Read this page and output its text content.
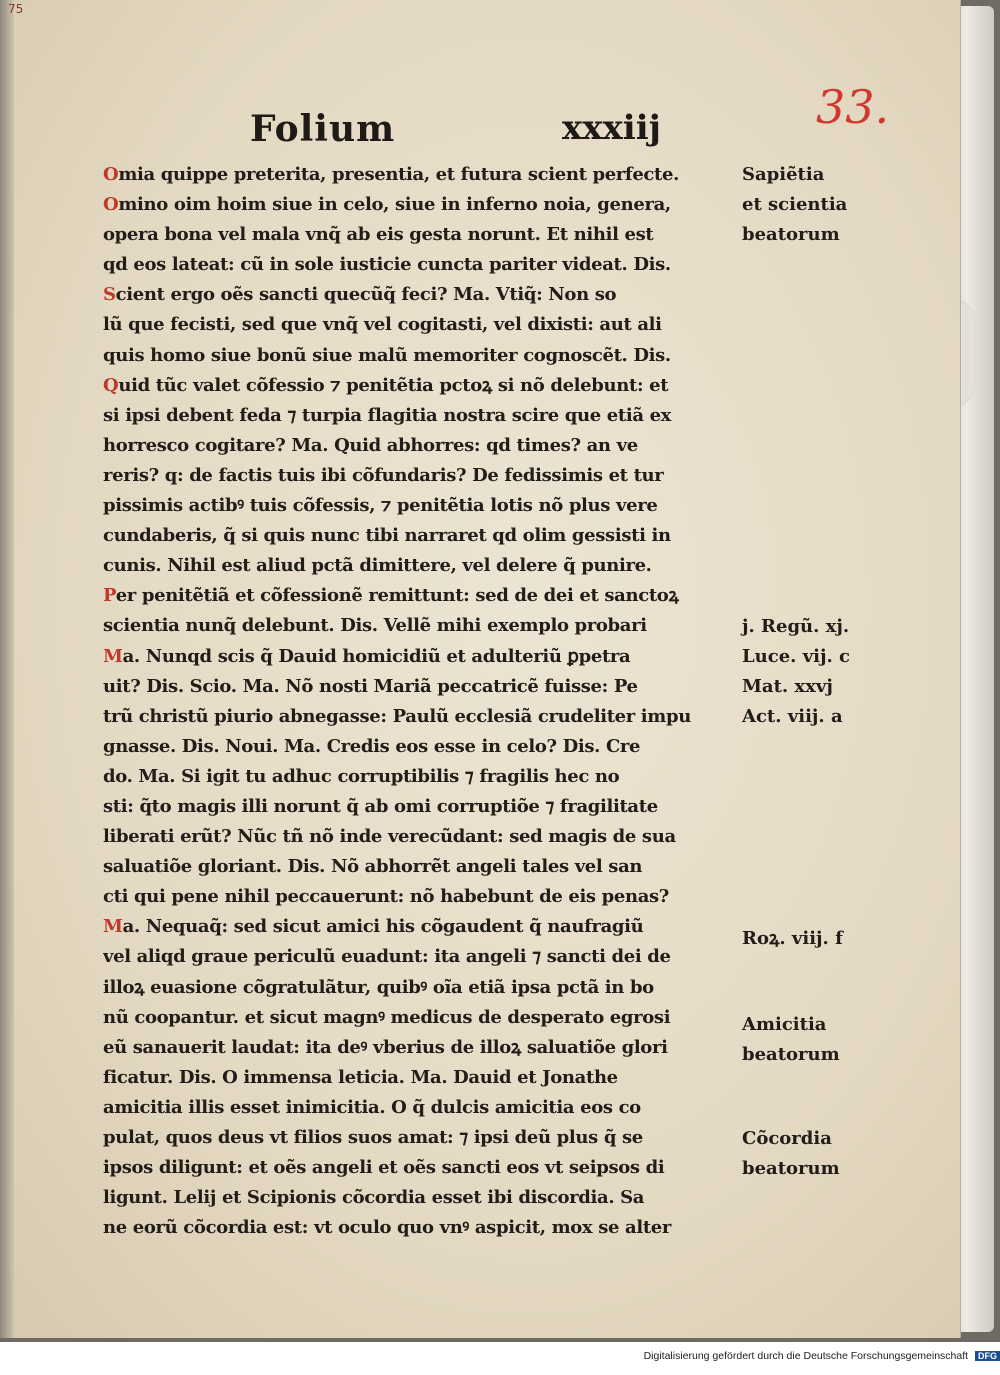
75
Folium	xxxiij	33.
Omia quippe preterita, presentia, et futura scient perfecte.
Omino oim hoim siue in celo, siue in inferno noia, genera,
opera bona vel mala vnq̃ ab eis gesta norunt. Et nihil est
qd eos lateat: cũ in sole iusticie cuncta pariter videat. Dis.
Scient ergo oẽs sancti quecũq̃ feci? Ma. Vtiq̃: Non so
lũ que fecisti, sed que vnq̃ vel cogitasti, vel dixisti: aut ali
quis homo siue bonũ siue malũ memoriter cognoscẽt. Dis.
Quid tũc valet cõfessio ⁊ penitẽtia pctoꝝ si nõ delebunt: et
si ipsi debent feda ⁊ turpia flagitia nostra scire que etiã ex
horresco cogitare? Ma. Quid abhorres: qd times? an ve
reris? q: de factis tuis ibi cõfundaris? De fedissimis et tur
pissimis actibꝰ tuis cõfessis, ⁊ penitẽtia lotis nõ plus vere
cundaberis, q̃ si quis nunc tibi narraret qd olim gessisti in
cunis. Nihil est aliud pctã dimittere, vel delere q̃ punire.
Per penitẽtiã et cõfessionẽ remittunt: sed de dei et sanctoꝝ
scientia nunq̃ delebunt. Dis. Vellẽ mihi exemplo probari
Ma. Nunqd scis q̃ Dauid homicidiũ et adulteriũ ꝑpetra
uit? Dis. Scio. Ma. Nõ nosti Mariã peccatricẽ fuisse: Pe
trũ christũ piurio abnegasse: Paulũ ecclesiã crudeliter impu
gnasse. Dis. Noui. Ma. Credis eos esse in celo? Dis. Cre
do. Ma. Si igit tu adhuc corruptibilis ⁊ fragilis hec no
sti: q̃to magis illi norunt q̃ ab omi corruptiõe ⁊ fragilitate
liberati erũt? Nũc tñ nõ inde verecũdant: sed magis de sua
saluatiõe gloriant. Dis. Nõ abhorrẽt angeli tales vel san
cti qui pene nihil peccauerunt: nõ habebunt de eis penas?
Ma. Nequaq̃: sed sicut amici his cõgaudent q̃ naufragiũ
vel aliqd graue periculũ euadunt: ita angeli ⁊ sancti dei de
illoꝝ euasione cõgratulãtur, quibꝰ oĩa etiã ipsa pctã in bo
nũ coopantur. et sicut magnꝰ medicus de desperato egrosi
eũ sanauerit laudat: ita deꝰ vberius de illoꝝ saluatiõe glori
ficatur. Dis. O immensa leticia. Ma. Dauid et Jonathe
amicitia illis esset inimicitia. O q̃ dulcis amicitia eos co
pulat, quos deus vt filios suos amat: ⁊ ipsi deũ plus q̃ se
ipsos diligunt: et oẽs angeli et oẽs sancti eos vt seipsos di
ligunt. Lelij et Scipionis cõcordia esset ibi discordia. Sa
ne eorũ cõcordia est: vt oculo quo vnꝰ aspicit, mox se alter
Sapiẽtia
et scientia
beatorum
j. Regũ. xj.
Luce. vij. c
Mat. xxvj
Act. viij. a
Roꝝ. viij. f
Amicitia
beatorum
Cõcordia
beatorum
Digitalisierung gefördert durch die Deutsche Forschungsgemeinschaft DFG
